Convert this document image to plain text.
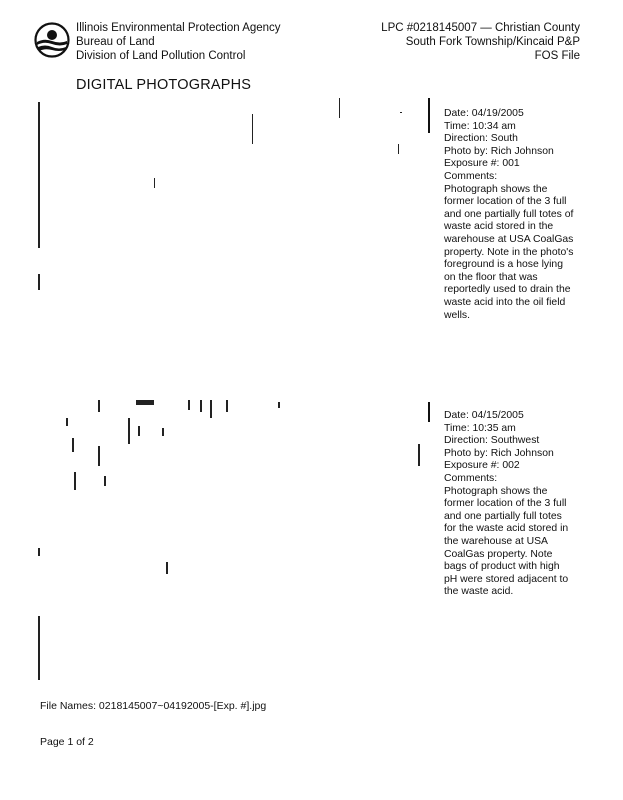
Illinois Environmental Protection Agency
Bureau of Land
Division of Land Pollution Control
LPC #0218145007 — Christian County
South Fork Township/Kincaid P&P
FOS File
DIGITAL PHOTOGRAPHS
Date: 04/19/2005
Time: 10:34 am
Direction: South
Photo by: Rich Johnson
Exposure #: 001
Comments:
Photograph shows the former location of the 3 full and one partially full totes of waste acid stored in the warehouse at USA CoalGas property. Note in the photo's foreground is a hose lying on the floor that was reportedly used to drain the waste acid into the oil field wells.
Date: 04/15/2005
Time: 10:35 am
Direction: Southwest
Photo by: Rich Johnson
Exposure #: 002
Comments:
Photograph shows the former location of the 3 full and one partially full totes for the waste acid stored in the warehouse at USA CoalGas property. Note bags of product with high pH were stored adjacent to the waste acid.
File Names: 0218145007~04192005-[Exp. #].jpg
Page 1 of 2
